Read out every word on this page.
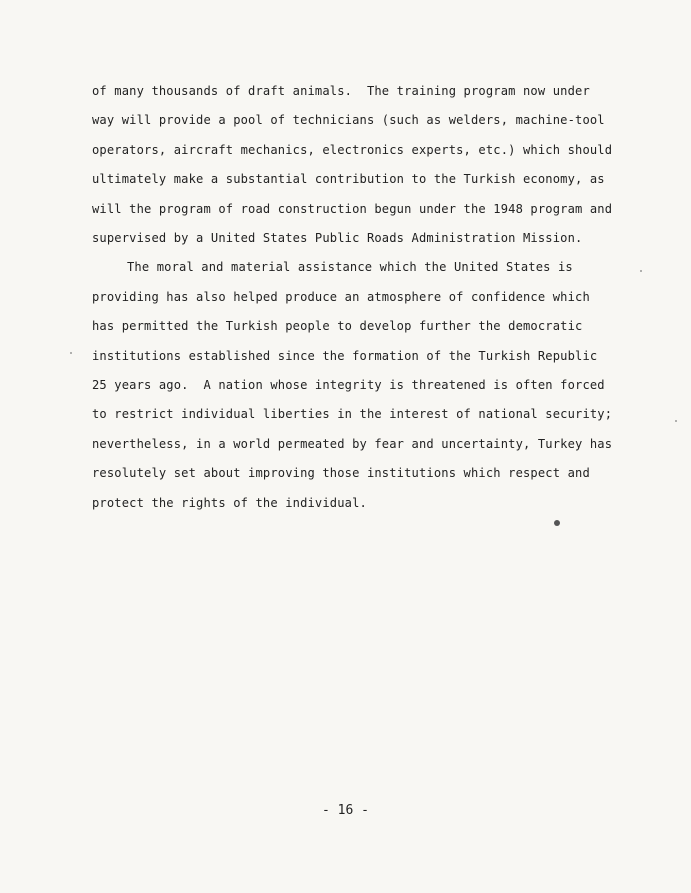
of many thousands of draft animals.  The training program now under
way will provide a pool of technicians (such as welders, machine-tool
operators, aircraft mechanics, electronics experts, etc.) which should
ultimately make a substantial contribution to the Turkish economy, as
will the program of road construction begun under the 1948 program and
supervised by a United States Public Roads Administration Mission.
The moral and material assistance which the United States is
providing has also helped produce an atmosphere of confidence which
has permitted the Turkish people to develop further the democratic
institutions established since the formation of the Turkish Republic
25 years ago.  A nation whose integrity is threatened is often forced
to restrict individual liberties in the interest of national security;
nevertheless, in a world permeated by fear and uncertainty, Turkey has
resolutely set about improving those institutions which respect and
protect the rights of the individual.
- 16 -
